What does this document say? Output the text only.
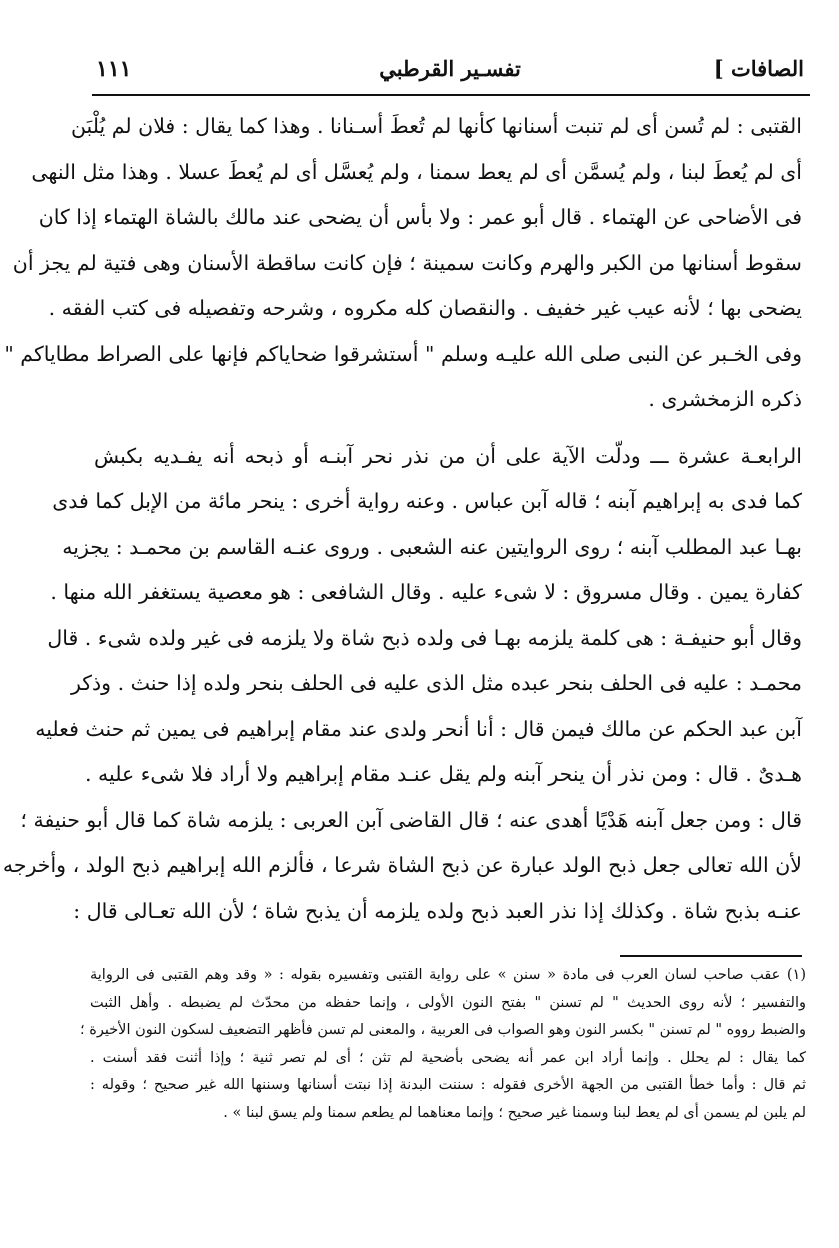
الصافات ]
تفسـير القرطبي
١١١
القتبى : لم تُسن أى لم تنبت أسنانها كأنها لم تُعطَ أسـنانا . وهذا كما يقال : فلان لم يُلْبَن
أى لم يُعطَ لبنا ، ولم يُسمَّن أى لم يعط سمنا ، ولم يُعسَّل أى لم يُعطَ عسلا . وهذا مثل النهى
فى الأضاحى عن الهتماء . قال أبو عمر : ولا بأس أن يضحى عند مالك بالشاة الهتماء إذا كان
سقوط أسنانها من الكبر والهرم وكانت سمينة ؛ فإن كانت ساقطة الأسنان وهى فتية لم يجز أن
يضحى بها ؛ لأنه عيب غير خفيف . والنقصان كله مكروه ، وشرحه وتفصيله فى كتب الفقه .
وفى الخـبر عن النبى صلى الله عليـه وسلم " أستشرقوا ضحاياكم فإنها على الصراط مطاياكم "
ذكره الزمخشرى .
الرابعـة عشرة ـــ ودلّت الآية على أن من نذر نحر آبنـه أو ذبحه أنه يفـديه بكبش
كما فدى به إبراهيم آبنه ؛ قاله آبن عباس . وعنه رواية أخرى : ينحر مائة من الإبل كما فدى
بهـا عبد المطلب آبنه ؛ روى الروايتين عنه الشعبى . وروى عنـه القاسم بن محمـد : يجزيه
كفارة يمين . وقال مسروق : لا شىء عليه . وقال الشافعى : هو معصية يستغفر الله منها .
وقال أبو حنيفـة : هى كلمة يلزمه بهـا فى ولده ذبح شاة ولا يلزمه فى غير ولده شىء . قال
محمـد : عليه فى الحلف بنحر عبده مثل الذى عليه فى الحلف بنحر ولده إذا حنث . وذكر
آبن عبد الحكم عن مالك فيمن قال : أنا أنحر ولدى عند مقام إبراهيم فى يمين ثم حنث فعليه
هـدىٌ . قال : ومن نذر أن ينحر آبنه ولم يقل عنـد مقام إبراهيم ولا أراد فلا شىء عليه .
قال : ومن جعل آبنه هَدْيًا أهدى عنه ؛ قال القاضى آبن العربى : يلزمه شاة كما قال أبو حنيفة ؛
لأن الله تعالى جعل ذبح الولد عبارة عن ذبح الشاة شرعا ، فألزم الله إبراهيم ذبح الولد ، وأخرجه
عنـه بذبح شاة . وكذلك إذا نذر العبد ذبح ولده يلزمه أن يذبح شاة ؛ لأن الله تعـالى قال :
(١) عقب صاحب لسان العرب فى مادة « سنن » على رواية القتبى وتفسيره بقوله : « وقد وهم القتبى فى الرواية
والتفسير ؛ لأنه روى الحديث " لم تسنن " بفتح النون الأولى ، وإنما حفظه من محدّث لم يضبطه . وأهل الثبت
والضبط رووه " لم تسنن " بكسر النون وهو الصواب فى العربية ، والمعنى لم تسن فأظهر التضعيف لسكون النون الأخيرة ؛
كما يقال : لم يحلل . وإنما أراد ابن عمر أنه يضحى بأضحية لم تثن ؛ أى لم تصر ثنية ؛ وإذا أثنت فقد أسنت .
ثم قال : وأما خطأ القتبى من الجهة الأخرى فقوله : سننت البدنة إذا نبتت أسنانها وسننها الله غير صحيح ؛ وقوله :
لم يلبن لم يسمن أى لم يعط لبنا وسمنا غير صحيح ؛ وإنما معناهما لم يطعم سمنا ولم يسق لبنا » .
